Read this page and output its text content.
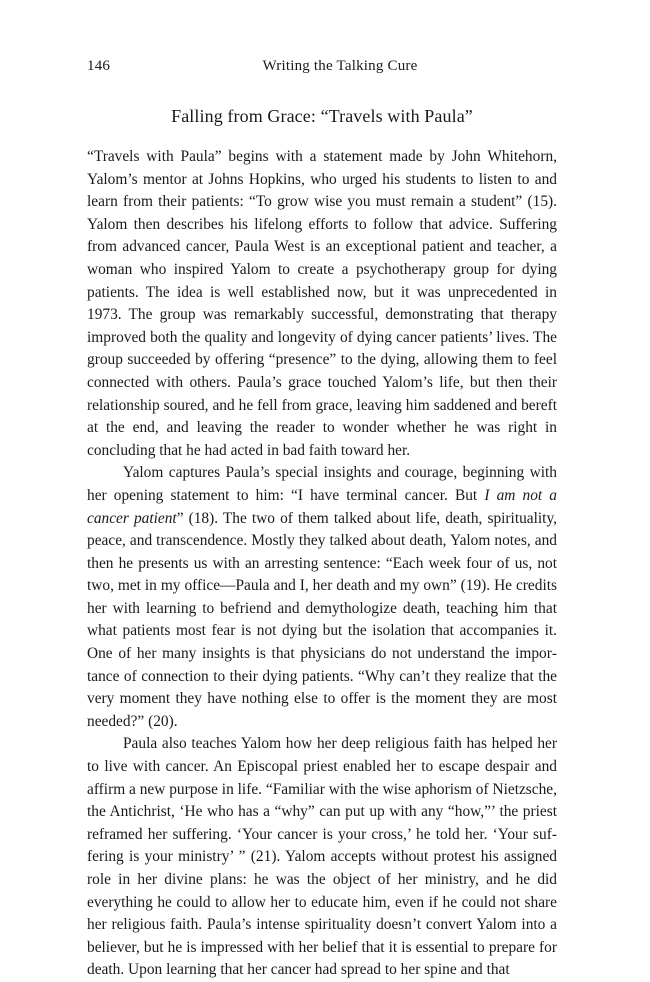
146	Writing the Talking Cure
Falling from Grace: “Travels with Paula”

“Travels with Paula” begins with a statement made by John Whitehorn, Yalom’s mentor at Johns Hopkins, who urged his students to listen to and learn from their patients: “To grow wise you must remain a student” (15). Yalom then describes his lifelong efforts to follow that advice. Suffering from advanced cancer, Paula West is an exceptional patient and teacher, a woman who inspired Yalom to create a psychotherapy group for dying patients. The idea is well established now, but it was unprecedented in 1973. The group was remarkably successful, demonstrating that therapy improved both the quality and longevity of dying cancer patients’ lives. The group succeeded by offering “presence” to the dying, allowing them to feel connected with others. Paula’s grace touched Yalom’s life, but then their relationship soured, and he fell from grace, leaving him saddened and bereft at the end, and leaving the reader to wonder whether he was right in concluding that he had acted in bad faith toward her.

Yalom captures Paula’s special insights and courage, beginning with her opening statement to him: “I have terminal cancer. But I am not a cancer patient” (18). The two of them talked about life, death, spirituality, peace, and transcendence. Mostly they talked about death, Yalom notes, and then he presents us with an arresting sentence: “Each week four of us, not two, met in my office—Paula and I, her death and my own” (19). He credits her with learning to befriend and demythologize death, teaching him that what patients most fear is not dying but the isolation that accompanies it. One of her many insights is that physicians do not understand the importance of connection to their dying patients. “Why can’t they realize that the very moment they have nothing else to offer is the moment they are most needed?” (20).

Paula also teaches Yalom how her deep religious faith has helped her to live with cancer. An Episcopal priest enabled her to escape despair and affirm a new purpose in life. “Familiar with the wise aphorism of Nietzsche, the Antichrist, ‘He who has a “why” can put up with any “how,”’ the priest reframed her suffering. ‘Your cancer is your cross,’ he told her. ‘Your suffering is your ministry’ ” (21). Yalom accepts without protest his assigned role in her divine plans: he was the object of her ministry, and he did everything he could to allow her to educate him, even if he could not share her religious faith. Paula’s intense spirituality doesn’t convert Yalom into a believer, but he is impressed with her belief that it is essential to prepare for death. Upon learning that her cancer had spread to her spine and that
